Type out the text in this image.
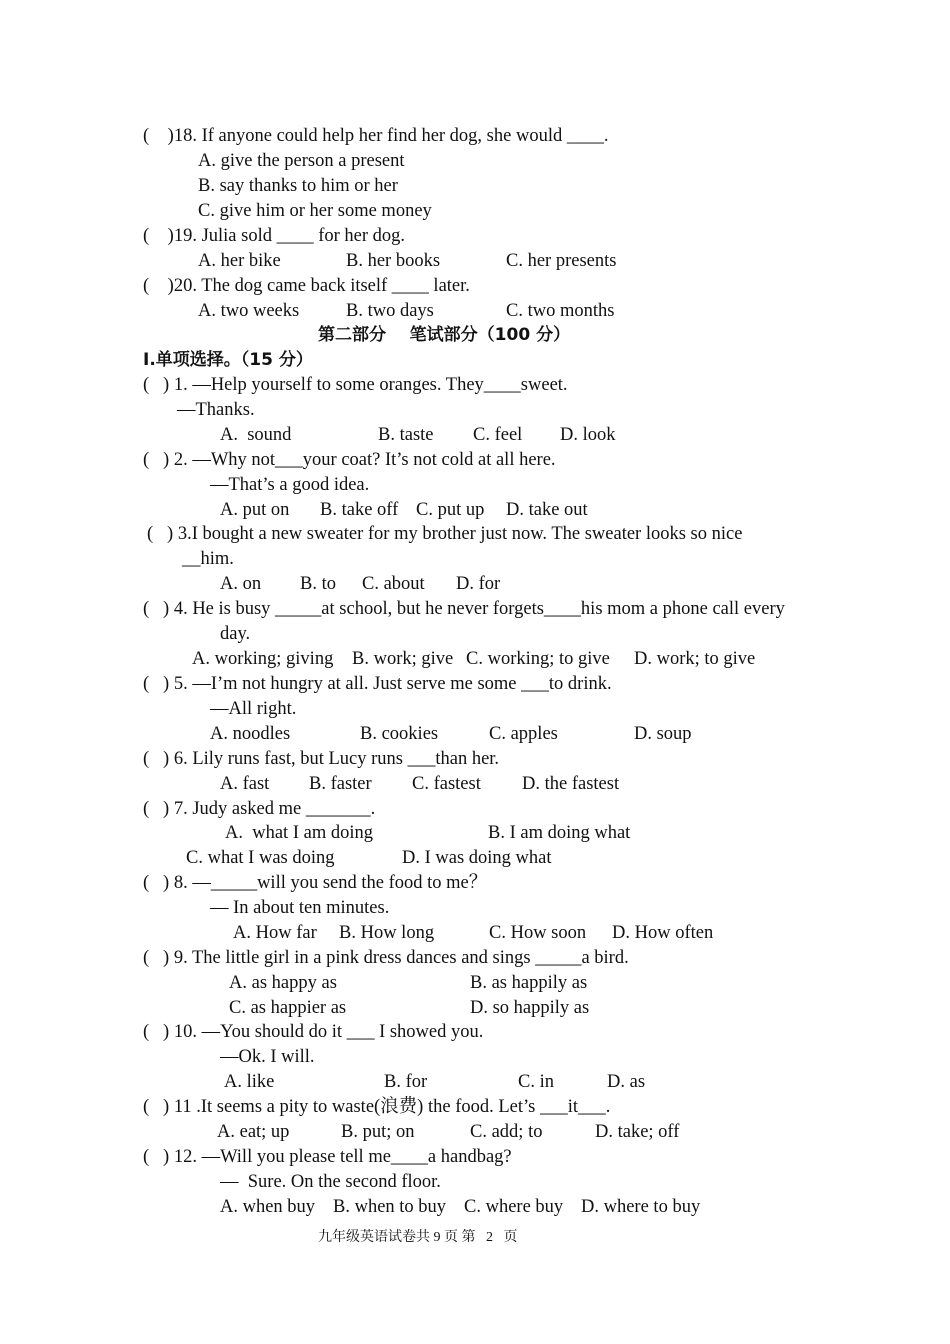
(    )18. If anyone could help her find her dog, she would ____.
A. give the person a present
B. say thanks to him or her
C. give him or her some money
(    )19. Julia sold ____ for her dog.
A. her bike	B. her books	C. her presents
(    )20. The dog came back itself ____ later.
A. two weeks	B. two days	C. two months
第二部分    笔试部分（100 分）
I.单项选择。（15 分）
(   ) 1. —Help yourself to some oranges. They____sweet.
—Thanks.
A.  sound	B. taste C. feel D. look
(   ) 2. —Why not___your coat? It’s not cold at all here.
—That’s a good idea.
A. put on B. take off C. put up D. take out
(   ) 3.I bought a new sweater for my brother just now. The sweater looks so nice
__him.
A. on B. to C. about D. for
(   ) 4. He is busy _____at school, but he never forgets____his mom a phone call every
day.
A. working; giving B. work; give C. working; to give D. work; to give
(   ) 5. —I’m not hungry at all. Just serve me some ___to drink.
—All right.
A. noodles	B. cookies	C. apples	D. soup
(   ) 6. Lily runs fast, but Lucy runs ___than her.
A. fast B. faster C. fastest D. the fastest
(   ) 7. Judy asked me _______.
A.  what I am doing	B. I am doing what
C. what I was doing	D. I was doing what
(   ) 8. —_____will you send the food to me？
— In about ten minutes.
A. How far B. How long	C. How soon D. How often
(   ) 9. The little girl in a pink dress dances and sings _____a bird.
A. as happy as	B. as happily as
C. as happier as	D. so happily as
(   ) 10. —You should do it ___ I showed you.
—Ok. I will.
A. like	B. for	C. in	D. as
(   ) 11 .It seems a pity to waste(浪费) the food. Let’s ___it___.
A. eat; up	B. put; on	C. add; to	D. take; off
(   ) 12. —Will you please tell me____a handbag?
—  Sure. On the second floor.
A. when buy B. when to buy C. where buy D. where to buy
九年级英语试卷共 9 页 第   2   页
